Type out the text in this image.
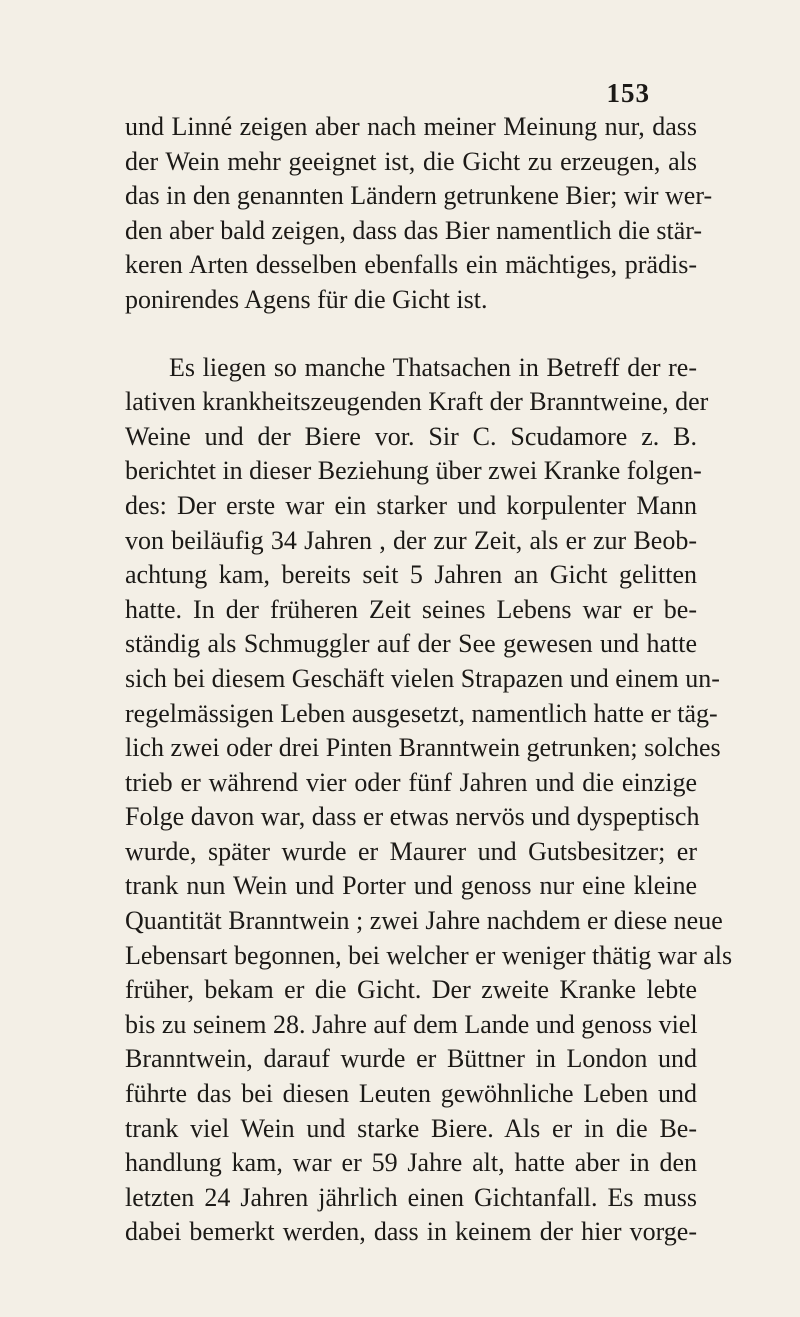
153
und Linné zeigen aber nach meiner Meinung nur, dass
der Wein mehr geeignet ist, die Gicht zu erzeugen, als
das in den genannten Ländern getrunkene Bier; wir wer-
den aber bald zeigen, dass das Bier namentlich die stär-
keren Arten desselben ebenfalls ein mächtiges, prädis-
ponirendes Agens für die Gicht ist.
Es liegen so manche Thatsachen in Betreff der re-
lativen krankheitszeugenden Kraft der Branntweine, der
Weine und der Biere vor. Sir C. Scudamore z. B.
berichtet in dieser Beziehung über zwei Kranke folgen-
des: Der erste war ein starker und korpulenter Mann
von beiläufig 34 Jahren , der zur Zeit, als er zur Beob-
achtung kam, bereits seit 5 Jahren an Gicht gelitten
hatte. In der früheren Zeit seines Lebens war er be-
ständig als Schmuggler auf der See gewesen und hatte
sich bei diesem Geschäft vielen Strapazen und einem un-
regelmässigen Leben ausgesetzt, namentlich hatte er täg-
lich zwei oder drei Pinten Branntwein getrunken; solches
trieb er während vier oder fünf Jahren und die einzige
Folge davon war, dass er etwas nervös und dyspeptisch
wurde, später wurde er Maurer und Gutsbesitzer; er
trank nun Wein und Porter und genoss nur eine kleine
Quantität Branntwein ; zwei Jahre nachdem er diese neue
Lebensart begonnen, bei welcher er weniger thätig war als
früher, bekam er die Gicht. Der zweite Kranke lebte
bis zu seinem 28. Jahre auf dem Lande und genoss viel
Branntwein, darauf wurde er Büttner in London und
führte das bei diesen Leuten gewöhnliche Leben und
trank viel Wein und starke Biere. Als er in die Be-
handlung kam, war er 59 Jahre alt, hatte aber in den
letzten 24 Jahren jährlich einen Gichtanfall. Es muss
dabei bemerkt werden, dass in keinem der hier vorge-
